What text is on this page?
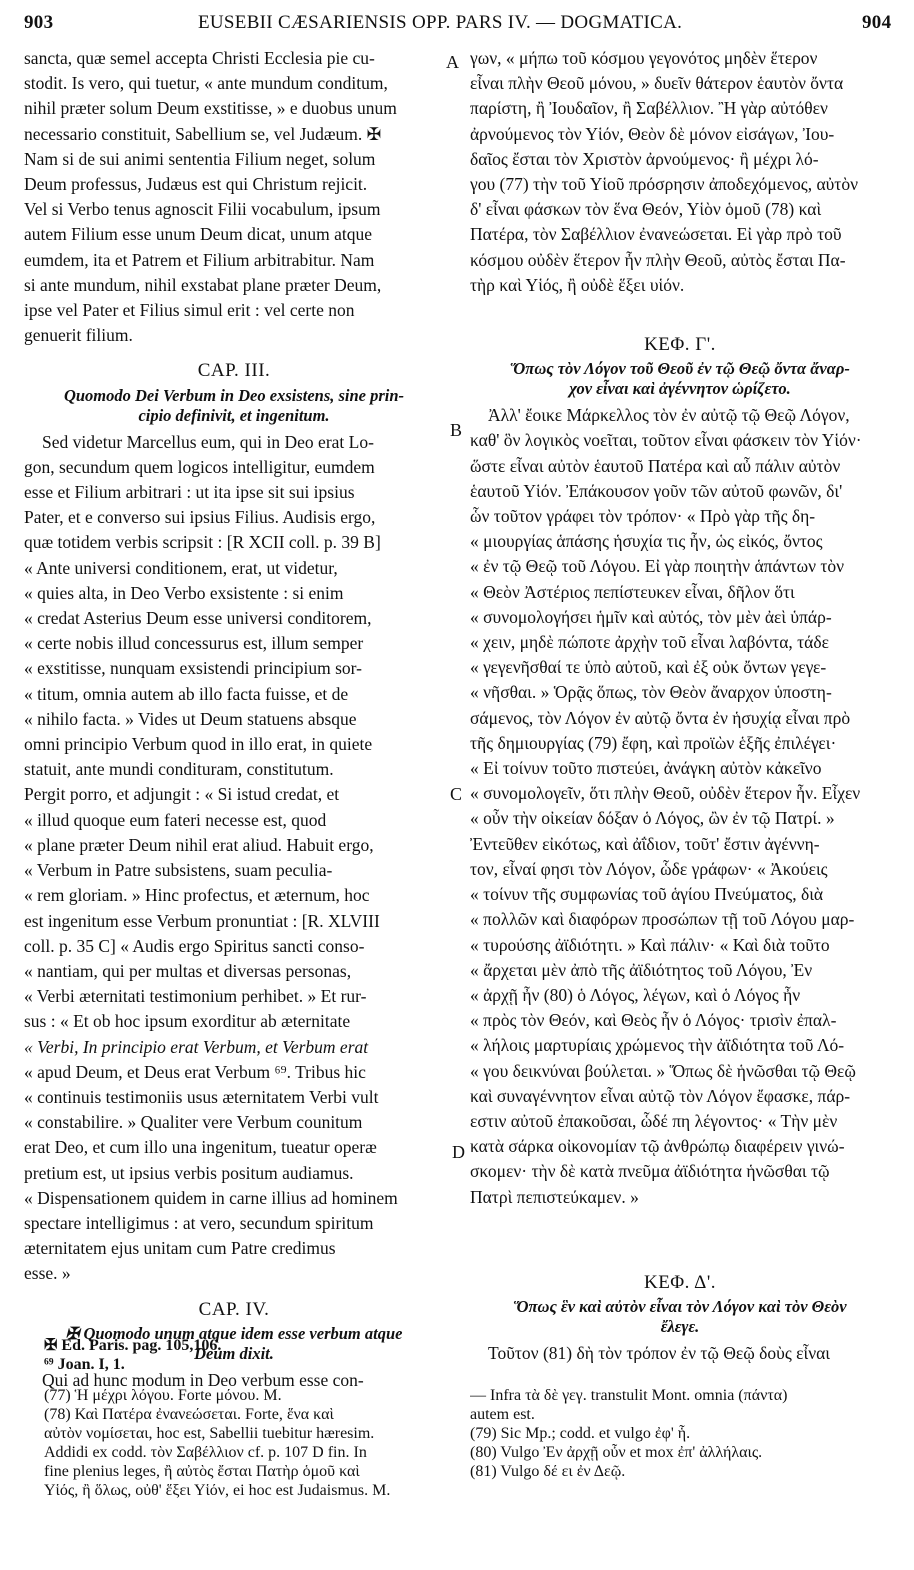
903	EUSEBII CÆSARIENSIS OPP. PARS IV. — DOGMATICA.	904
A
B
C
D

sancta, quæ semel accepta Christi Ecclesia pie cu-
stodit. Is vero, qui tuetur, « ante mundum conditum,
nihil præter solum Deum exstitisse, » e duobus unum
necessario constituit, Sabellium se, vel Judæum. ✠
Nam si de sui animi sententia Filium neget, solum
Deum professus, Judæus est qui Christum rejicit.
Vel si Verbo tenus agnoscit Filii vocabulum, ipsum
autem Filium esse unum Deum dicat, unum atque
eumdem, ita et Patrem et Filium arbitrabitur. Nam
si ante mundum, nihil exstabat plane præter Deum,
ipse vel Pater et Filius simul erit : vel certe non
genuerit filium.

CAP. III.
Quomodo Dei Verbum in Deo exsistens, sine prin-
cipio definivit, et ingenitum.

Sed videtur Marcellus eum, qui in Deo erat Lo-
gon, secundum quem logicos intelligitur, eumdem
esse et Filium arbitrari : ut ita ipse sit sui ipsius
Pater, et e converso sui ipsius Filius. Audisis ergo,
quæ totidem verbis scripsit : [R XCII coll. p. 39 B]
« Ante universi conditionem, erat, ut videtur,
« quies alta, in Deo Verbo exsistente : si enim
« credat Asterius Deum esse universi conditorem,
« certe nobis illud concessurus est, illum semper
« exstitisse, nunquam exsistendi principium sor-
« titum, omnia autem ab illo facta fuisse, et de
« nihilo facta. » Vides ut Deum statuens absque
omni principio Verbum quod in illo erat, in quiete
statuit, ante mundi condituram, constitutum.
Pergit porro, et adjungit : « Si istud credat, et
« illud quoque eum fateri necesse est, quod
« plane præter Deum nihil erat aliud. Habuit ergo,
« Verbum in Patre subsistens, suam peculia-
« rem gloriam. » Hinc profectus, et æternum, hoc
est ingenitum esse Verbum pronuntiat : [R. XLVIII
coll. p. 35 C] « Audis ergo Spiritus sancti conso-
« nantiam, qui per multas et diversas personas,
« Verbi æternitati testimonium perhibet. » Et rur-
sus : « Et ob hoc ipsum exorditur ab æternitate
« Verbi, In principio erat Verbum, et Verbum erat
« apud Deum, et Deus erat Verbum ⁶⁹. Tribus hic
« continuis testimoniis usus æternitatem Verbi vult
« constabilire. » Qualiter vere Verbum counitum
erat Deo, et cum illo una ingenitum, tueatur operæ
pretium est, ut ipsius verbis positum audiamus.
« Dispensationem quidem in carne illius ad hominem
spectare intelligimus : at vero, secundum spiritum
æternitatem ejus unitam cum Patre credimus
esse. »

CAP. IV.
✠ Quomodo unum atque idem esse verbum atque
Deum dixit.

Qui ad hunc modum in Deo verbum esse con-

γων, « μήπω τοῦ κόσμου γεγονότος μηδὲν ἕτερον
εἶναι πλὴν Θεοῦ μόνου, » δυεῖν θάτερον ἑαυτὸν ὄντα
παρίστη, ἢ Ἰουδαῖον, ἢ Σαβέλλιον. Ἢ γὰρ αὐτόθεν
ἀρνούμενος τὸν Υἱόν, Θεὸν δὲ μόνον εἰσάγων, Ἰου-
δαῖος ἔσται τὸν Χριστὸν ἀρνούμενος· ἢ μέχρι λό-
γου (77) τὴν τοῦ Υἱοῦ πρόσρησιν ἀποδεχόμενος, αὐτὸν
δ' εἶναι φάσκων τὸν ἕνα Θεόν, Υἱὸν ὁμοῦ (78) καὶ
Πατέρα, τὸν Σαβέλλιον ἐνανεώσεται. Εἰ γὰρ πρὸ τοῦ
κόσμου οὐδὲν ἕτερον ἦν πλὴν Θεοῦ, αὐτὸς ἔσται Πα-
τὴρ καὶ Υἱός, ἢ οὐδὲ ἕξει υἱόν.

ΚΕΦ. Γ'.
Ὅπως τὸν Λόγον τοῦ Θεοῦ ἐν τῷ Θεῷ ὄντα ἄναρ-
χον εἶναι καὶ ἀγέννητον ὡρίζετο.

Ἀλλ' ἔοικε Μάρκελλος τὸν ἐν αὐτῷ τῷ Θεῷ Λόγον,
καθ' ὃν λογικὸς νοεῖται, τοῦτον εἶναι φάσκειν τὸν Υἱόν·
ὥστε εἶναι αὐτὸν ἑαυτοῦ Πατέρα καὶ αὖ πάλιν αὐτὸν
ἑαυτοῦ Υἱόν. Ἐπάκουσον γοῦν τῶν αὐτοῦ φωνῶν, δι'
ὧν τοῦτον γράφει τὸν τρόπον· « Πρὸ γὰρ τῆς δη-
« μιουργίας ἁπάσης ἡσυχία τις ἦν, ὡς εἰκός, ὄντος
« ἐν τῷ Θεῷ τοῦ Λόγου. Εἰ γὰρ ποιητὴν ἁπάντων τὸν
« Θεὸν Ἀστέριος πεπίστευκεν εἶναι, δῆλον ὅτι
« συνομολογήσει ἡμῖν καὶ αὐτός, τὸν μὲν ἀεὶ ὑπάρ-
« χειν, μηδὲ πώποτε ἀρχὴν τοῦ εἶναι λαβόντα, τάδε
« γεγενῆσθαί τε ὑπὸ αὐτοῦ, καὶ ἐξ οὐκ ὄντων γεγε-
« νῆσθαι. » Ὁρᾷς ὅπως, τὸν Θεὸν ἄναρχον ὑποστη-
σάμενος, τὸν Λόγον ἐν αὐτῷ ὄντα ἐν ἡσυχίᾳ εἶναι πρὸ
τῆς δημιουργίας (79) ἔφη, καὶ προϊὼν ἑξῆς ἐπιλέγει·
« Εἰ τοίνυν τοῦτο πιστεύει, ἀνάγκη αὐτὸν κἀκεῖνο
« συνομολογεῖν, ὅτι πλὴν Θεοῦ, οὐδὲν ἕτερον ἦν. Εἶχεν
« οὖν τὴν οἰκείαν δόξαν ὁ Λόγος, ὢν ἐν τῷ Πατρί. »
Ἐντεῦθεν εἰκότως, καὶ ἀΐδιον, τοῦτ' ἔστιν ἀγέννη-
τον, εἶναί φησι τὸν Λόγον, ὧδε γράφων· « Ἀκούεις
« τοίνυν τῆς συμφωνίας τοῦ ἁγίου Πνεύματος, διὰ
« πολλῶν καὶ διαφόρων προσώπων τῇ τοῦ Λόγου μαρ-
« τυρούσης ἀϊδιότητι. » Καὶ πάλιν· « Καὶ διὰ τοῦτο
« ἄρχεται μὲν ἀπὸ τῆς ἀϊδιότητος τοῦ Λόγου, Ἐν
« ἀρχῇ ἦν (80) ὁ Λόγος, λέγων, καὶ ὁ Λόγος ἦν
« πρὸς τὸν Θεόν, καὶ Θεὸς ἦν ὁ Λόγος· τρισὶν ἐπαλ-
« λήλοις μαρτυρίαις χρώμενος τὴν ἀϊδιότητα τοῦ Λό-
« γου δεικνύναι βούλεται. » Ὅπως δὲ ἡνῶσθαι τῷ Θεῷ
καὶ συναγέννητον εἶναι αὐτῷ τὸν Λόγον ἔφασκε, πάρ-
εστιν αὐτοῦ ἐπακοῦσαι, ὧδέ πη λέγοντος· « Τὴν μὲν
κατὰ σάρκα οἰκονομίαν τῷ ἀνθρώπῳ διαφέρειν γινώ-
σκομεν· τὴν δὲ κατὰ πνεῦμα ἀϊδιότητα ἡνῶσθαι τῷ
Πατρὶ πεπιστεύκαμεν. »

ΚΕΦ. Δ'.
Ὅπως ἓν καὶ αὐτὸν εἶναι τὸν Λόγον καὶ τὸν Θεὸν
ἔλεγε.

Τοῦτον (81) δὴ τὸν τρόπον ἐν τῷ Θεῷ δοὺς εἶναι

✠ Ed. Paris. pag. 105,106.
⁶⁹ Joan. I, 1.
(77) Ἡ μέχρι λόγου. Forte μόνου. M.
(78) Καὶ Πατέρα ἐνανεώσεται. Forte, ἕνα καὶ
αὐτὸν νομίσεται, hoc est, Sabellii tuebitur hæresim.
Addidi ex codd. τὸν Σαβέλλιον cf. p. 107 D fin. In
fine plenius leges, ἢ αὐτὸς ἔσται Πατὴρ ὁμοῦ καὶ
Υἱός, ἢ ὅλως, οὐθ' ἕξει Υἱόν, ei hoc est Judaismus. M.
— Infra τὰ δὲ γεγ. transtulit Mont. omnia (πάντα)
autem est.
(79) Sic Mp.; codd. et vulgo ἐφ' ἧ.
(80) Vulgo Ἐν ἀρχῇ οὖν et mox ἐπ' ἀλλήλαις.
(81) Vulgo δέ ει ἐν Δεῷ.
